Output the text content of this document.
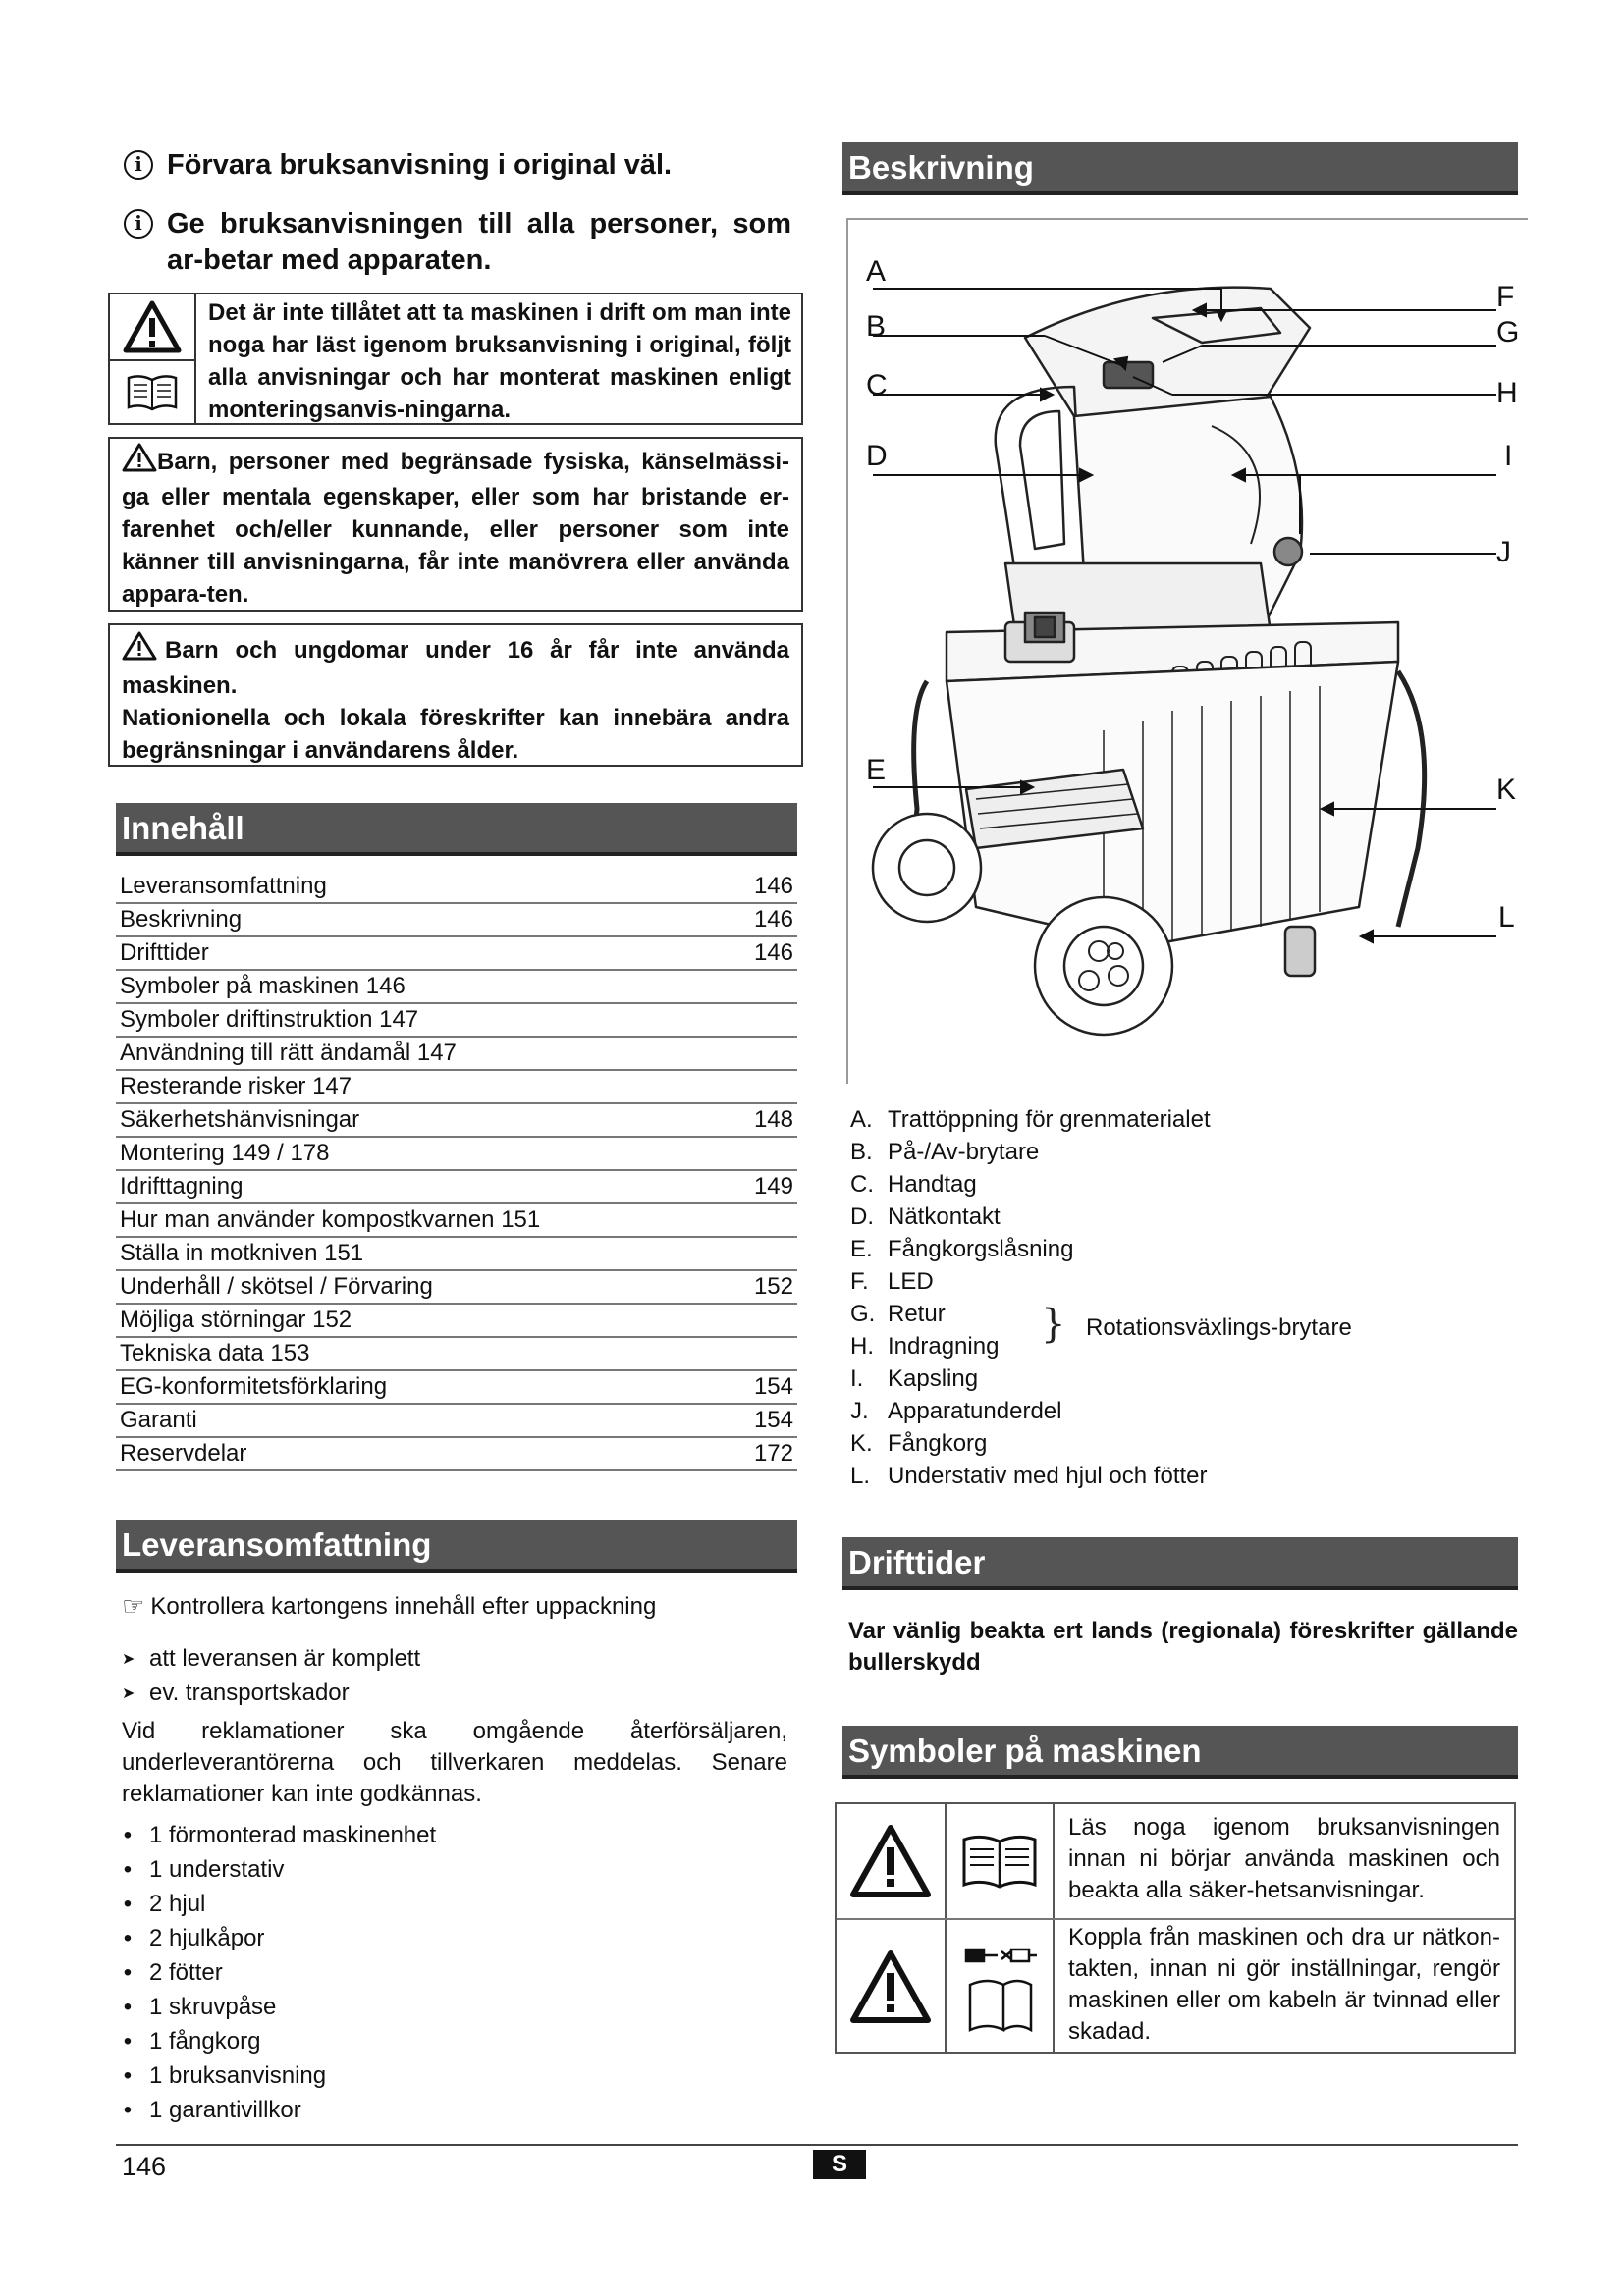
i Förvara bruksanvisning i original väl.
i Ge bruksanvisningen till alla personer, som ar-betar med apparaten.
Det är inte tillåtet att ta maskinen i drift om man inte noga har läst igenom bruksanvisning i original, följt alla anvisningar och har monterat maskinen enligt monteringsanvis-ningarna.
Barn, personer med begränsade fysiska, känselmässi-ga eller mentala egenskaper, eller som har bristande er-farenhet och/eller kunnande, eller personer som inte känner till anvisningarna, får inte manövrera eller använda appara-ten.
Barn och ungdomar under 16 år får inte använda maskinen.
Nationionella och lokala föreskrifter kan innebära andra begränsningar i användarens ålder.
Innehåll
Leveransomfattning	146
Beskrivning	146
Drifttider	146
Symboler på maskinen 146
Symboler driftinstruktion 147
Användning till rätt ändamål 147
Resterande risker 147
Säkerhetshänvisningar	148
Montering 149 / 178
Idrifttagning	149
Hur man använder kompostkvarnen 151
Ställa in motkniven 151
Underhåll / skötsel / Förvaring	152
Möjliga störningar 152
Tekniska data 153
EG-konformitetsförklaring	154
Garanti	154
Reservdelar	172
Leveransomfattning
☞ Kontrollera kartongens innehåll efter uppackning
➤ att leveransen är komplett
➤ ev. transportskador
Vid reklamationer ska omgående återförsäljaren, underleverantörerna och tillverkaren meddelas. Senare reklamationer kan inte godkännas.
• 1 förmonterad maskinenhet
• 1 understativ
• 2 hjul
• 2 hjulkåpor
• 2 fötter
• 1 skruvpåse
• 1 fångkorg
• 1 bruksanvisning
• 1 garantivillkor
Beskrivning
A
B
C
D
E
F
G
H
I
J
K
L
A. Trattöppning för grenmaterialet
B. På-/Av-brytare
C. Handtag
D. Nätkontakt
E. Fångkorgslåsning
F. LED
G. Retur
H. Indragning
I.	Kapsling
J. Apparatunderdel
K. Fångkorg
L. Understativ med hjul och fötter
} Rotationsväxlings-brytare
Drifttider
Var vänlig beakta ert lands (regionala) föreskrifter gällande bullerskydd
Symboler på maskinen
Läs noga igenom bruksanvisningen innan ni börjar använda maskinen och beakta alla säker-hetsanvisningar.
Koppla från maskinen och dra ur nätkon-takten, innan ni gör inställningar, rengör maskinen eller om kabeln är tvinnad eller skadad.
146	S
